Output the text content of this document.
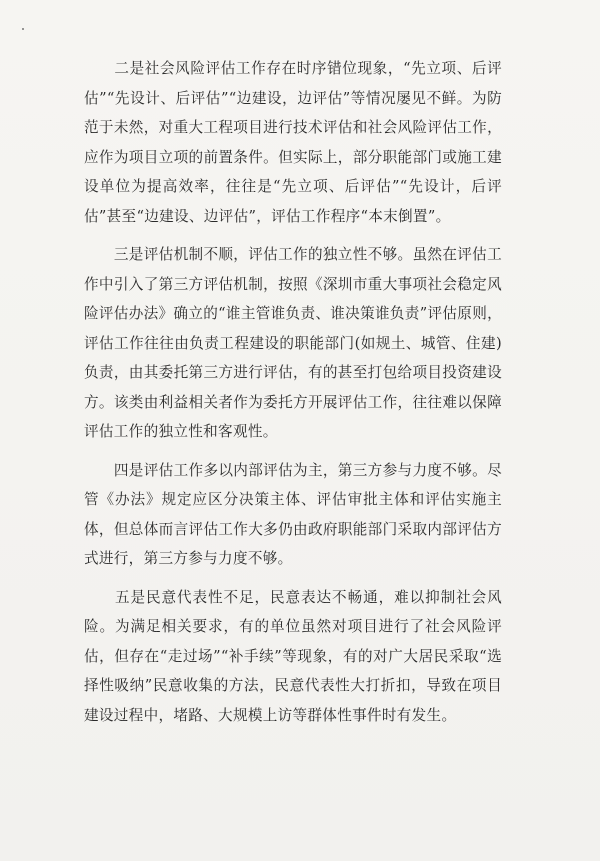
　　二是社会风险评估工作存在时序错位现象，“先立项、后评估”“先设计、后评估”“边建设，边评估”等情况屡见不鲜。为防范于未然，对重大工程项目进行技术评估和社会风险评估工作，应作为项目立项的前置条件。但实际上，部分职能部门或施工建设单位为提高效率，往往是“先立项、后评估”“先设计，后评估”甚至“边建设、边评估”，评估工作程序“本末倒置”。

　　三是评估机制不顺，评估工作的独立性不够。虽然在评估工作中引入了第三方评估机制，按照《深圳市重大事项社会稳定风险评估办法》确立的“谁主管谁负责、谁决策谁负责”评估原则，评估工作往往由负责工程建设的职能部门(如规土、城管、住建)负责，由其委托第三方进行评估，有的甚至打包给项目投资建设方。该类由利益相关者作为委托方开展评估工作，往往难以保障评估工作的独立性和客观性。

　　四是评估工作多以内部评估为主，第三方参与力度不够。尽管《办法》规定应区分决策主体、评估审批主体和评估实施主体，但总体而言评估工作大多仍由政府职能部门采取内部评估方式进行，第三方参与力度不够。

　　五是民意代表性不足，民意表达不畅通，难以抑制社会风险。为满足相关要求，有的单位虽然对项目进行了社会风险评估，但存在“走过场”“补手续”等现象，有的对广大居民采取“选择性吸纳”民意收集的方法，民意代表性大打折扣，导致在项目建设过程中，堵路、大规模上访等群体性事件时有发生。
